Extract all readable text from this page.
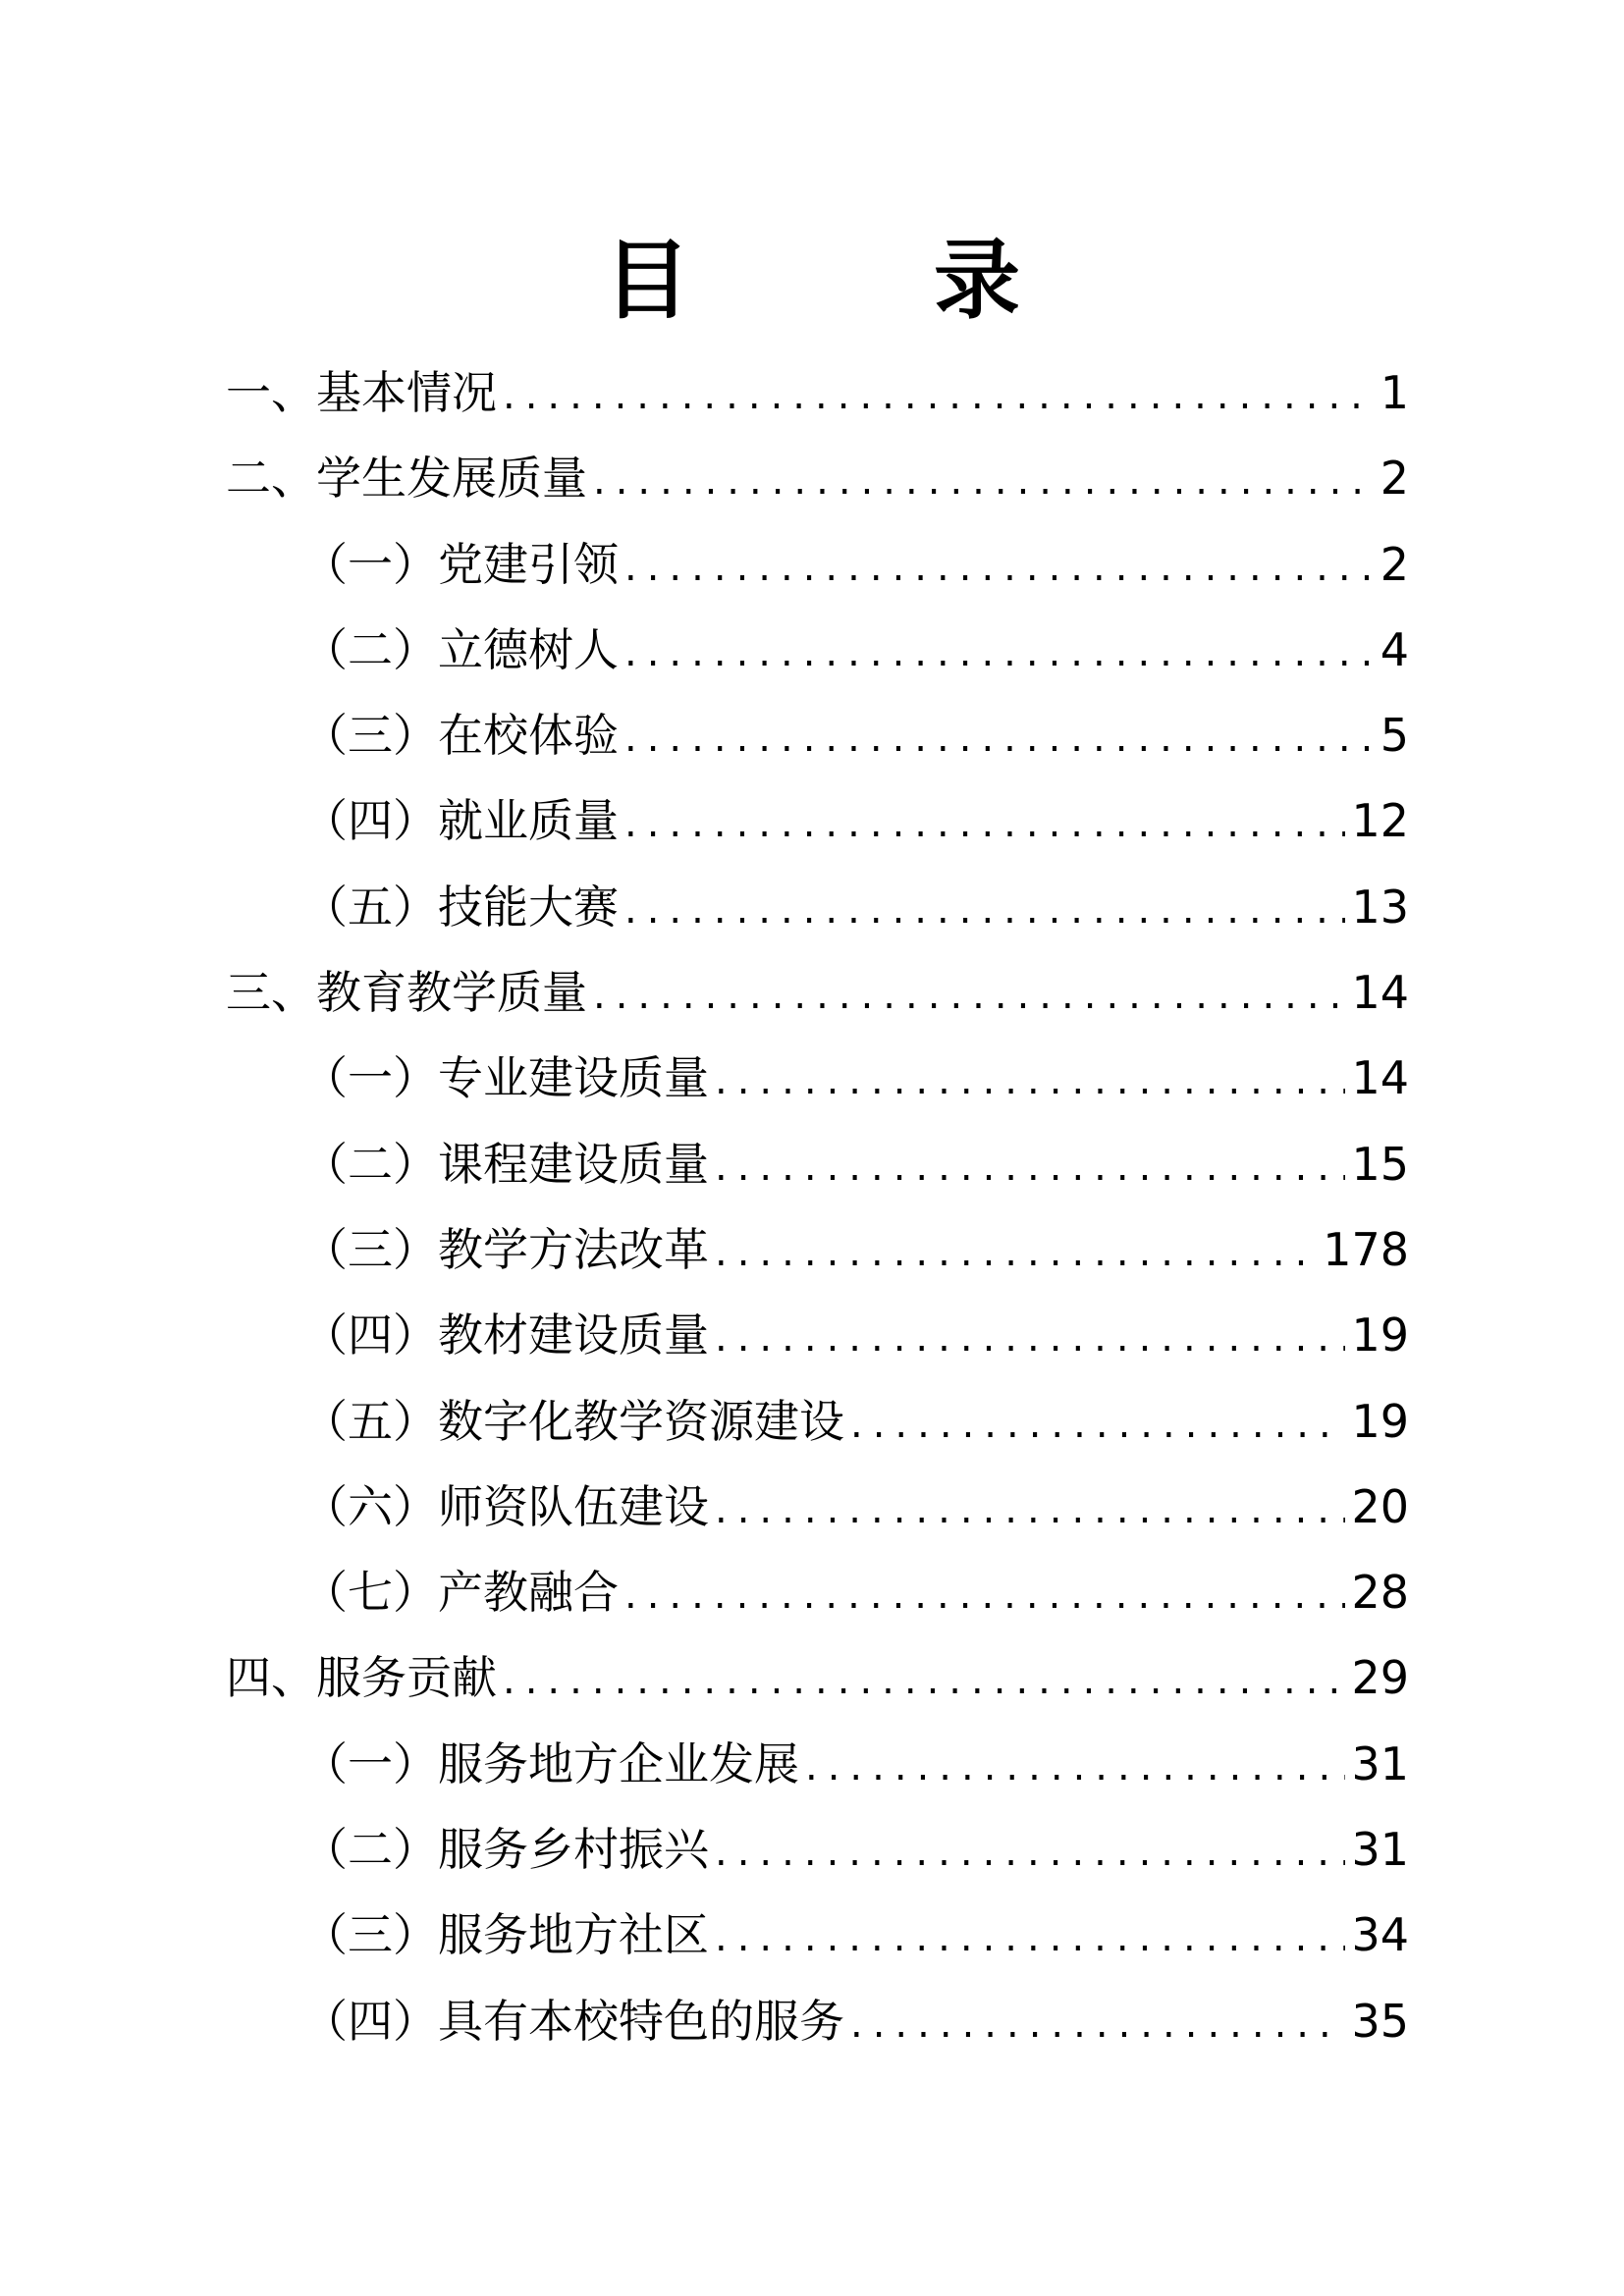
目　录
一、基本情况 .....	1
二、学生发展质量 .....	2
（一）党建引领 .....	2
（二）立德树人 .....	4
（三）在校体验 .....	5
（四）就业质量 .....	12
（五）技能大赛 .....	13
三、教育教学质量 .....	14
（一）专业建设质量 .....	14
（二）课程建设质量 .....	15
（三）教学方法改革 .....	178
（四）教材建设质量 .....	19
（五）数字化教学资源建设 .....	19
（六）师资队伍建设 .....	20
（七）产教融合 .....	28
四、服务贡献 .....	29
（一）服务地方企业发展 .....	31
（二）服务乡村振兴 .....	31
（三）服务地方社区 .....	34
（四）具有本校特色的服务 .....	35
